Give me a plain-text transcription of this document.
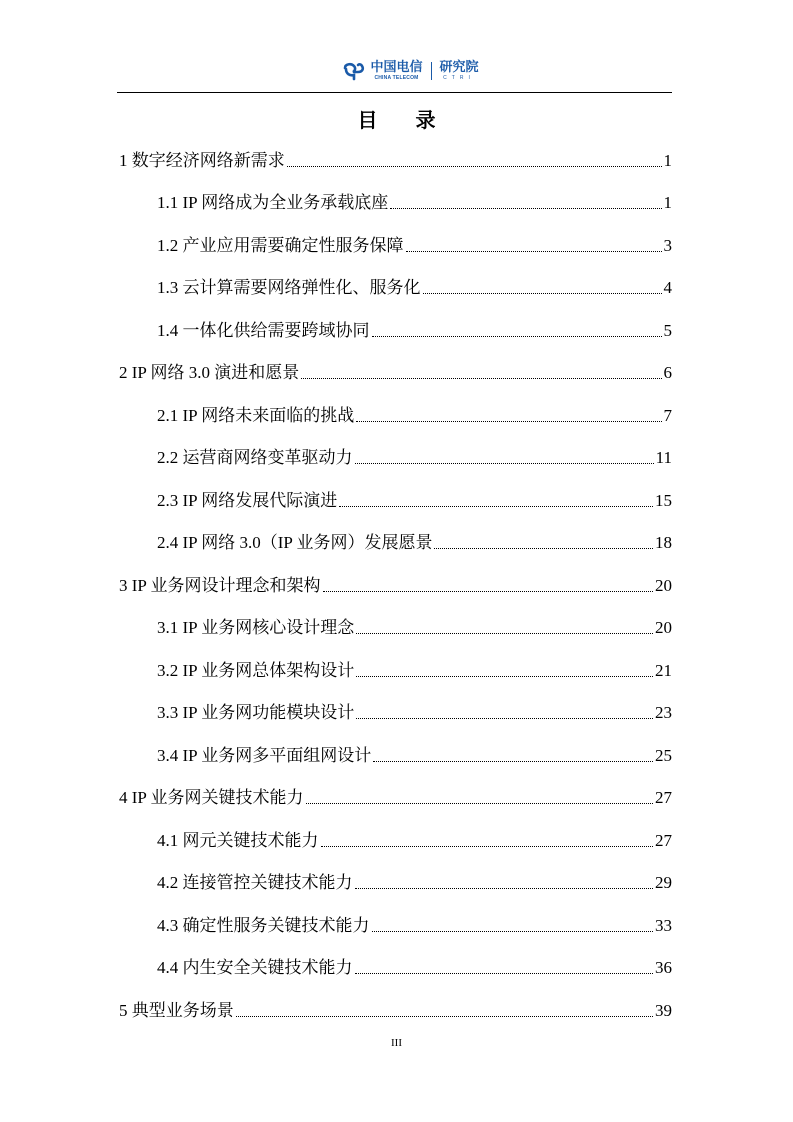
中国电信
CHINA TELECOM
研究院
CTRI
目 录
1 数字经济网络新需求	1
1.1 IP 网络成为全业务承载底座	1
1.2 产业应用需要确定性服务保障	3
1.3 云计算需要网络弹性化、服务化	4
1.4 一体化供给需要跨域协同	5
2 IP 网络 3.0 演进和愿景	6
2.1 IP 网络未来面临的挑战	7
2.2 运营商网络变革驱动力	11
2.3 IP 网络发展代际演进	15
2.4 IP 网络 3.0（IP 业务网）发展愿景	18
3 IP 业务网设计理念和架构	20
3.1 IP 业务网核心设计理念	20
3.2 IP 业务网总体架构设计	21
3.3 IP 业务网功能模块设计	23
3.4 IP 业务网多平面组网设计	25
4 IP 业务网关键技术能力	27
4.1 网元关键技术能力	27
4.2 连接管控关键技术能力	29
4.3 确定性服务关键技术能力	33
4.4 内生安全关键技术能力	36
5 典型业务场景	39
III
